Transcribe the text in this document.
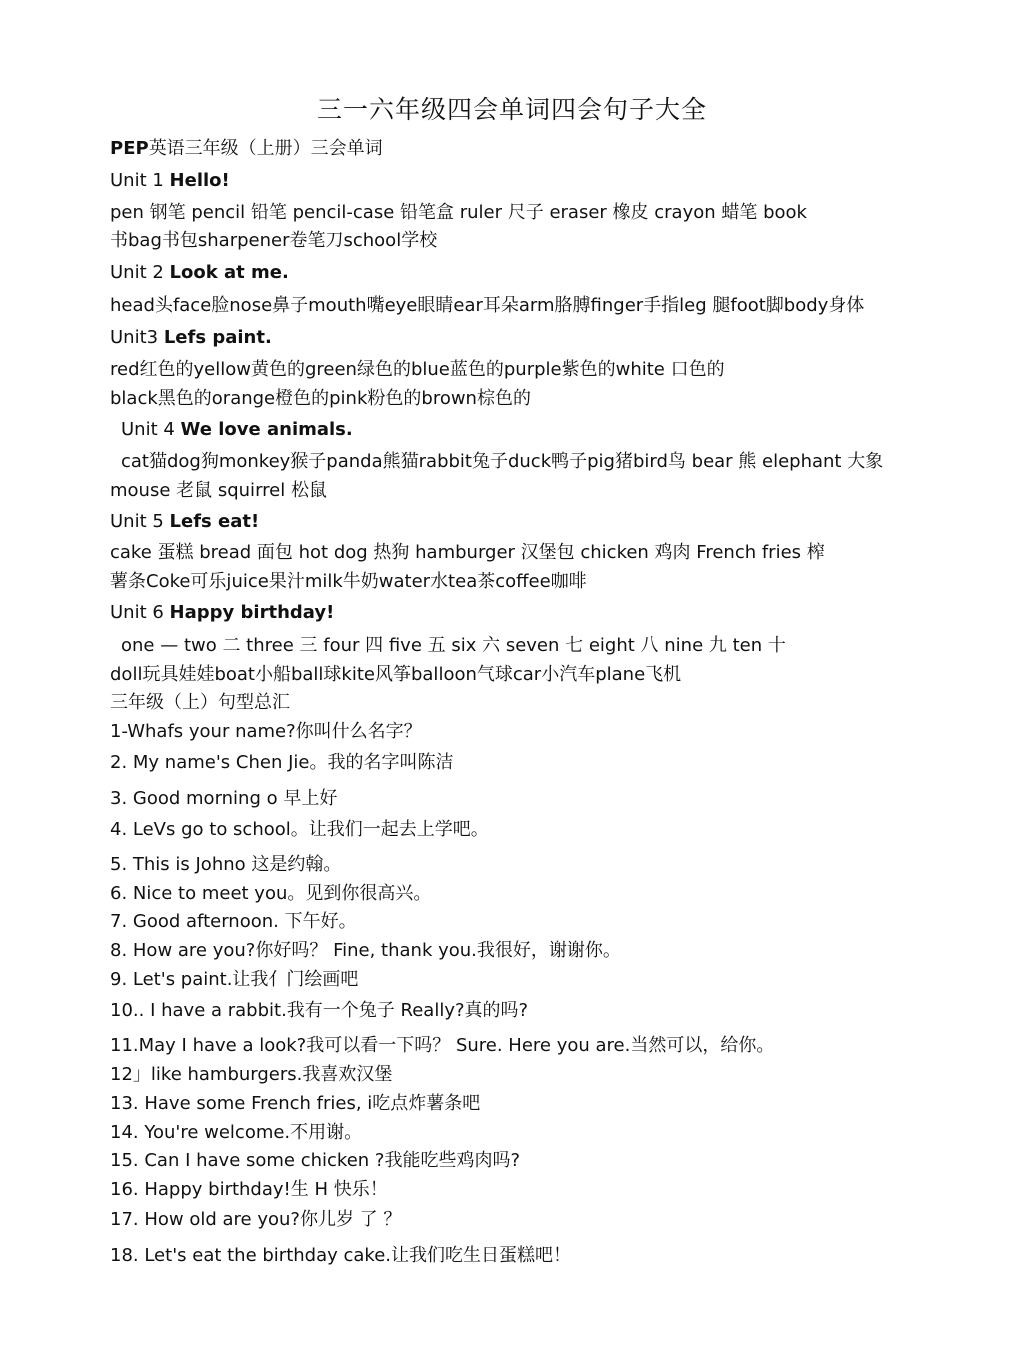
三一六年级四会单词四会句子大全
PEP英语三年级（上册）三会单词
Unit 1 Hello!
pen 钢笔 pencil 铅笔 pencil-case 铅笔盒 ruler 尺子 eraser 橡皮 crayon 蜡笔 book
书bag书包sharpener卷笔刀school学校
Unit 2 Look at me.
head头face脸nose鼻子mouth嘴eye眼睛ear耳朵arm胳膊finger手指leg 腿foot脚body身体
Unit3 Lefs paint.
red红色的yellow黄色的green绿色的blue蓝色的purple紫色的white 口色的
black黑色的orange橙色的pink粉色的brown棕色的
Unit 4 We love animals.
cat猫dog狗monkey猴子panda熊猫rabbit兔子duck鸭子pig猪bird鸟 bear 熊 elephant 大象
mouse 老鼠 squirrel 松鼠
Unit 5 Lefs eat!
cake 蛋糕 bread 面包 hot dog 热狗 hamburger 汉堡包 chicken 鸡肉 French fries 榨
薯条Coke可乐juice果汁milk牛奶water水tea茶coffee咖啡
Unit 6 Happy birthday!
one — two 二 three 三 four 四 five 五 six 六 seven 七 eight 八 nine 九 ten 十
doll玩具娃娃boat小船ball球kite风筝balloon气球car小汽车plane飞机
三年级（上）句型总汇
1-Whafs your name?你叫什么名字？
2. My name's Chen Jie。我的名字叫陈洁
3. Good morning o 早上好
4. LeVs go to school。让我们一起去上学吧。
5. This is Johno 这是约翰。
6. Nice to meet you。见到你很高兴。
7. Good afternoon. 下午好。
8. How are you?你好吗？ Fine, thank you.我很好，谢谢你。
9. Let's paint.让我亻门绘画吧
10.. I have a rabbit.我有一个兔子 Really?真的吗?
11.May I have a look?我可以看一下吗？ Sure. Here you are.当然可以，给你。
12」like hamburgers.我喜欢汉堡
13. Have some French fries, i吃点炸薯条吧
14. You're welcome.不用谢。
15. Can I have some chicken ?我能吃些鸡肉吗?
16. Happy birthday!生 H 快乐！
17. How old are you?你儿岁 了 ？
18. Let's eat the birthday cake.让我们吃生日蛋糕吧！
